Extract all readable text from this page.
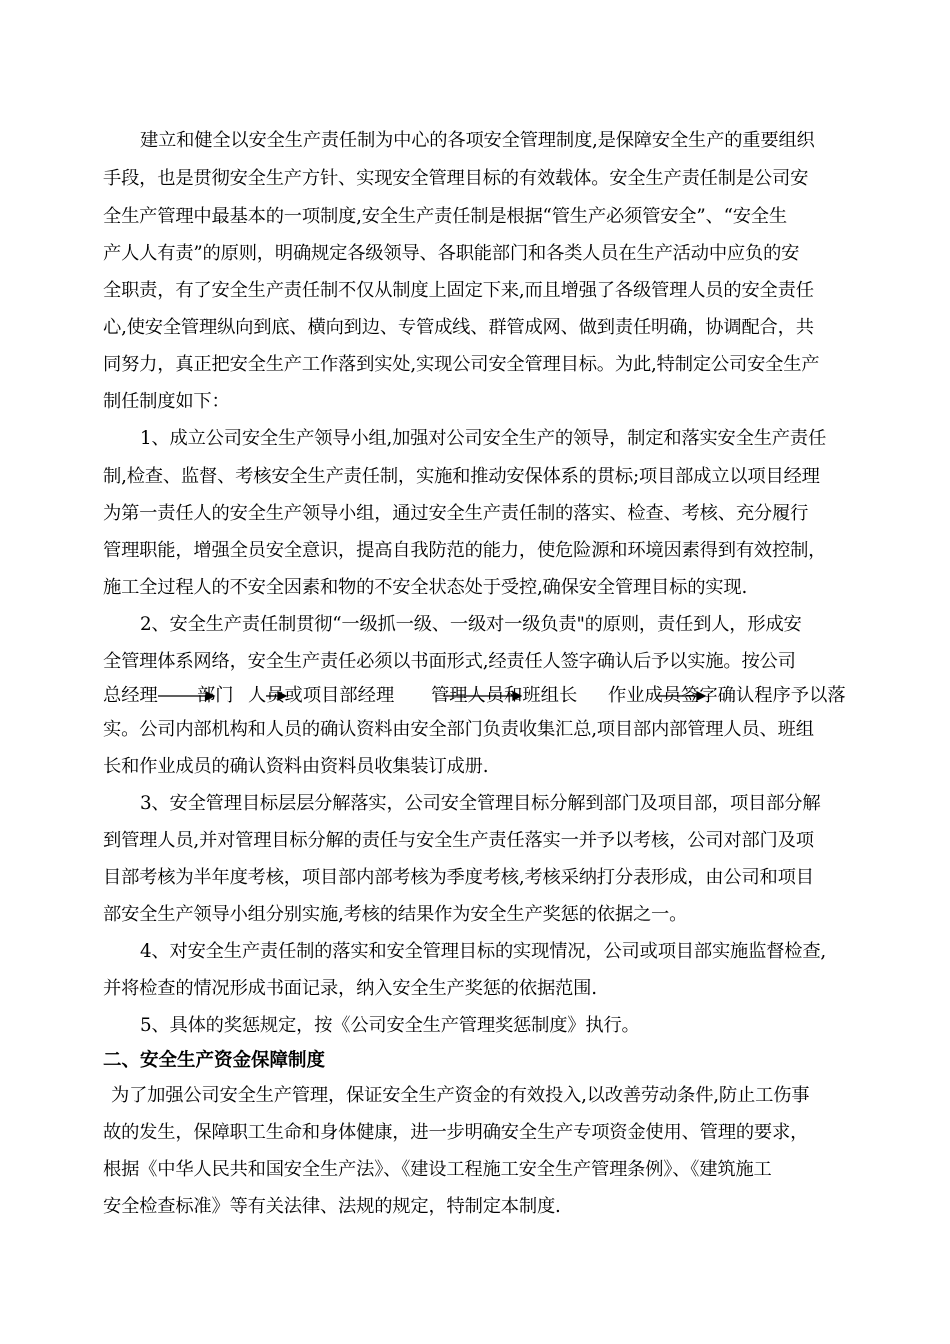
建立和健全以安全生产责任制为中心的各项安全管理制度,是保障安全生产的重要组织
手段，也是贯彻安全生产方针、实现安全管理目标的有效载体。安全生产责任制是公司安
全生产管理中最基本的一项制度,安全生产责任制是根据“管生产必须管安全”、“安全生
产人人有责”的原则，明确规定各级领导、各职能部门和各类人员在生产活动中应负的安
全职责，有了安全生产责任制不仅从制度上固定下来,而且增强了各级管理人员的安全责任
心,使安全管理纵向到底、横向到边、专管成线、群管成网、做到责任明确，协调配合，共
同努力，真正把安全生产工作落到实处,实现公司安全管理目标。为此,特制定公司安全生产
制任制度如下：
1、成立公司安全生产领导小组,加强对公司安全生产的领导，制定和落实安全生产责任
制,检查、监督、考核安全生产责任制，实施和推动安保体系的贯标;项目部成立以项目经理
为第一责任人的安全生产领导小组，通过安全生产责任制的落实、检查、考核、充分履行
管理职能，增强全员安全意识，提高自我防范的能力，使危险源和环境因素得到有效控制，
施工全过程人的不安全因素和物的不安全状态处于受控,确保安全管理目标的实现.
2、安全生产责任制贯彻“一级抓一级、一级对一级负责"的原则，责任到人，形成安
全管理体系网络，安全生产责任必须以书面形式,经责任人签字确认后予以实施。按公司
总经理 部门 人员或项目部经理 管理人员和班组长 作业成员签字确认程序予以落
实。公司内部机构和人员的确认资料由安全部门负责收集汇总,项目部内部管理人员、班组
长和作业成员的确认资料由资料员收集装订成册.
3、安全管理目标层层分解落实，公司安全管理目标分解到部门及项目部，项目部分解
到管理人员,并对管理目标分解的责任与安全生产责任落实一并予以考核，公司对部门及项
目部考核为半年度考核，项目部内部考核为季度考核,考核采纳打分表形成，由公司和项目
部安全生产领导小组分别实施,考核的结果作为安全生产奖惩的依据之一。
4、对安全生产责任制的落实和安全管理目标的实现情况，公司或项目部实施监督检查,
并将检查的情况形成书面记录，纳入安全生产奖惩的依据范围.
5、具体的奖惩规定，按《公司安全生产管理奖惩制度》执行。
二、安全生产资金保障制度
为了加强公司安全生产管理，保证安全生产资金的有效投入,以改善劳动条件,防止工伤事
故的发生，保障职工生命和身体健康，进一步明确安全生产专项资金使用、管理的要求，
根据《中华人民共和国安全生产法》、《建设工程施工安全生产管理条例》、《建筑施工
安全检查标准》等有关法律、法规的规定，特制定本制度.
